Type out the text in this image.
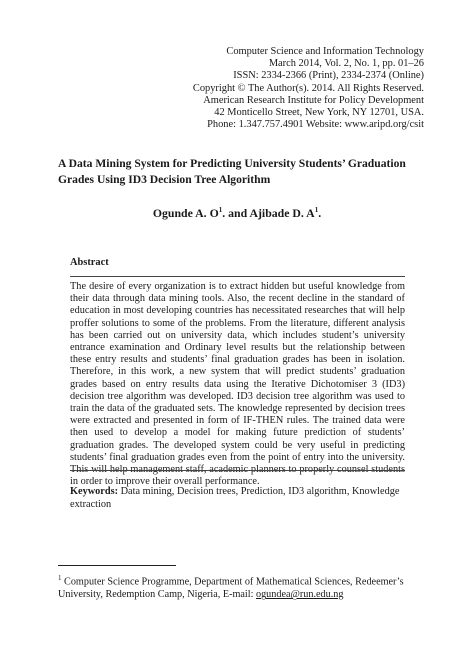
Computer Science and Information Technology
March 2014, Vol. 2, No. 1, pp. 01–26
ISSN: 2334-2366 (Print), 2334-2374 (Online)
Copyright © The Author(s). 2014. All Rights Reserved.
American Research Institute for Policy Development
42 Monticello Street, New York, NY 12701, USA.
Phone: 1.347.757.4901 Website: www.aripd.org/csit
A Data Mining System for Predicting University Students’ Graduation Grades Using ID3 Decision Tree Algorithm
Ogunde A. $O^1$. and Ajibade D. $A^1$.
Abstract
The desire of every organization is to extract hidden but useful knowledge from their data through data mining tools. Also, the recent decline in the standard of education in most developing countries has necessitated researches that will help proffer solutions to some of the problems. From the literature, different analysis has been carried out on university data, which includes student’s university entrance examination and Ordinary level results but the relationship between these entry results and students’ final graduation grades has been in isolation. Therefore, in this work, a new system that will predict students’ graduation grades based on entry results data using the Iterative Dichotomiser 3 (ID3) decision tree algorithm was developed. ID3 decision tree algorithm was used to train the data of the graduated sets. The knowledge represented by decision trees were extracted and presented in form of IF-THEN rules. The trained data were then used to develop a model for making future prediction of students’ graduation grades. The developed system could be very useful in predicting students’ final graduation grades even from the point of entry into the university. This will help management staff, academic planners to properly counsel students in order to improve their overall performance.
Keywords: Data mining, Decision trees, Prediction, ID3 algorithm, Knowledge extraction
$^1$ Computer Science Programme, Department of Mathematical Sciences, Redeemer’s University, Redemption Camp, Nigeria, E-mail: ogundea@run.edu.ng
